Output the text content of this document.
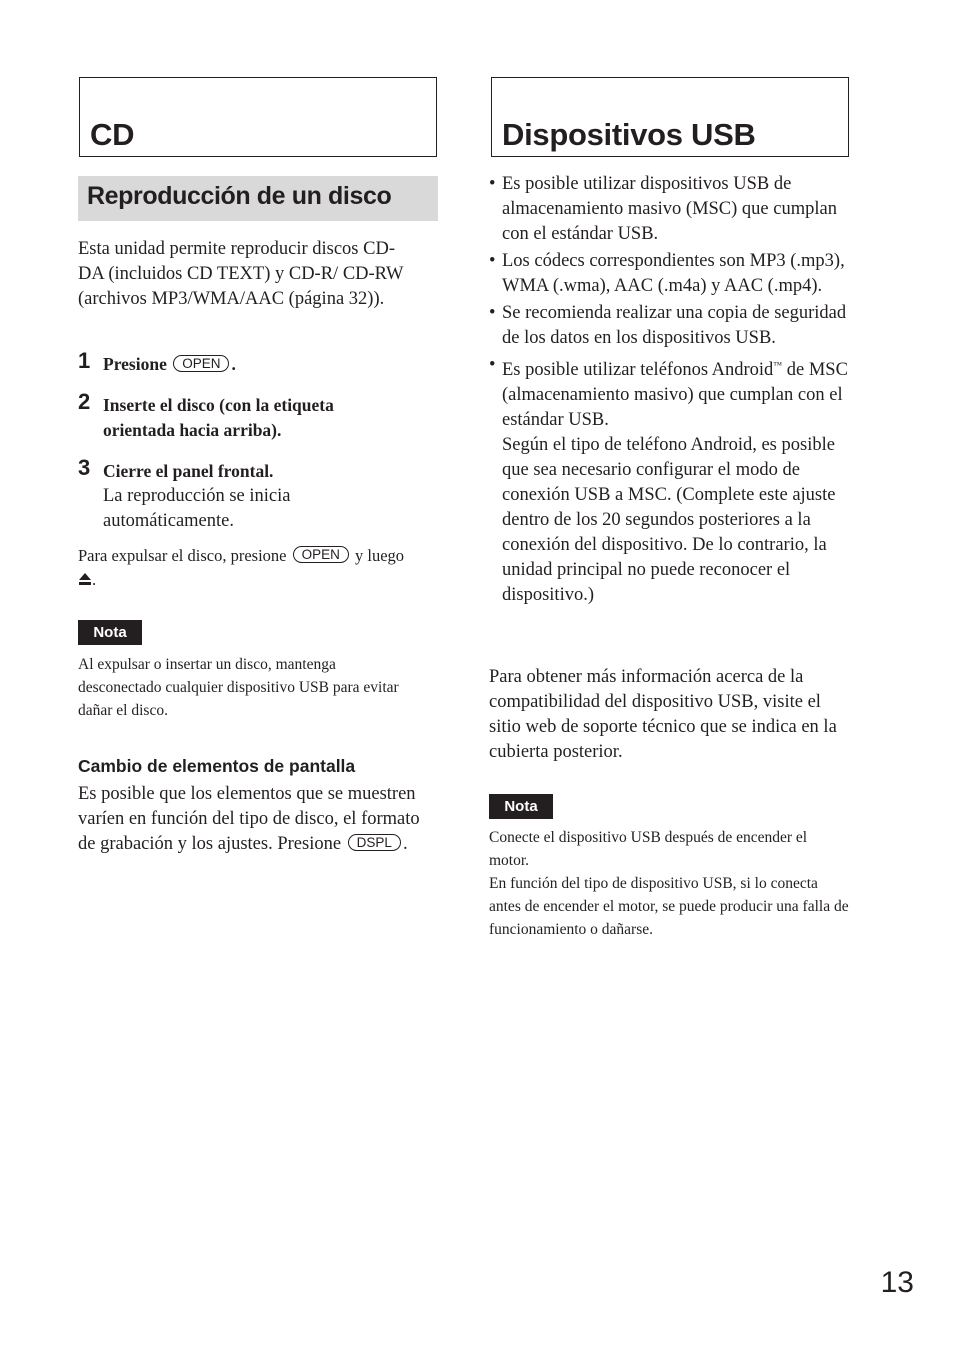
CD
Reproducción de un disco

Esta unidad permite reproducir discos CD-DA (incluidos CD TEXT) y CD-R/ CD-RW (archivos MP3/WMA/AAC (página 32)).

1 Presione OPEN .
2 Inserte el disco (con la etiqueta orientada hacia arriba).
3 Cierre el panel frontal.
La reproducción se inicia automáticamente.

Para expulsar el disco, presione OPEN y luego .

Nota

Al expulsar o insertar un disco, mantenga desconectado cualquier dispositivo USB para evitar dañar el disco.

Cambio de elementos de pantalla

Es posible que los elementos que se muestren varíen en función del tipo de disco, el formato de grabación y los ajustes. Presione DSPL .

Dispositivos USB
• Es posible utilizar dispositivos USB de almacenamiento masivo (MSC) que cumplan con el estándar USB.
• Los códecs correspondientes son MP3 (.mp3), WMA (.wma), AAC (.m4a) y AAC (.mp4).
• Se recomienda realizar una copia de seguridad de los datos en los dispositivos USB.
• Es posible utilizar teléfonos Android™ de MSC (almacenamiento masivo) que cumplan con el estándar USB.
Según el tipo de teléfono Android, es posible que sea necesario configurar el modo de conexión USB a MSC. (Complete este ajuste dentro de los 20 segundos posteriores a la conexión del dispositivo. De lo contrario, la unidad principal no puede reconocer el dispositivo.)

Para obtener más información acerca de la compatibilidad del dispositivo USB, visite el sitio web de soporte técnico que se indica en la cubierta posterior.

Nota

Conecte el dispositivo USB después de encender el motor.

En función del tipo de dispositivo USB, si lo conecta antes de encender el motor, se puede producir una falla de funcionamiento o dañarse.

13
